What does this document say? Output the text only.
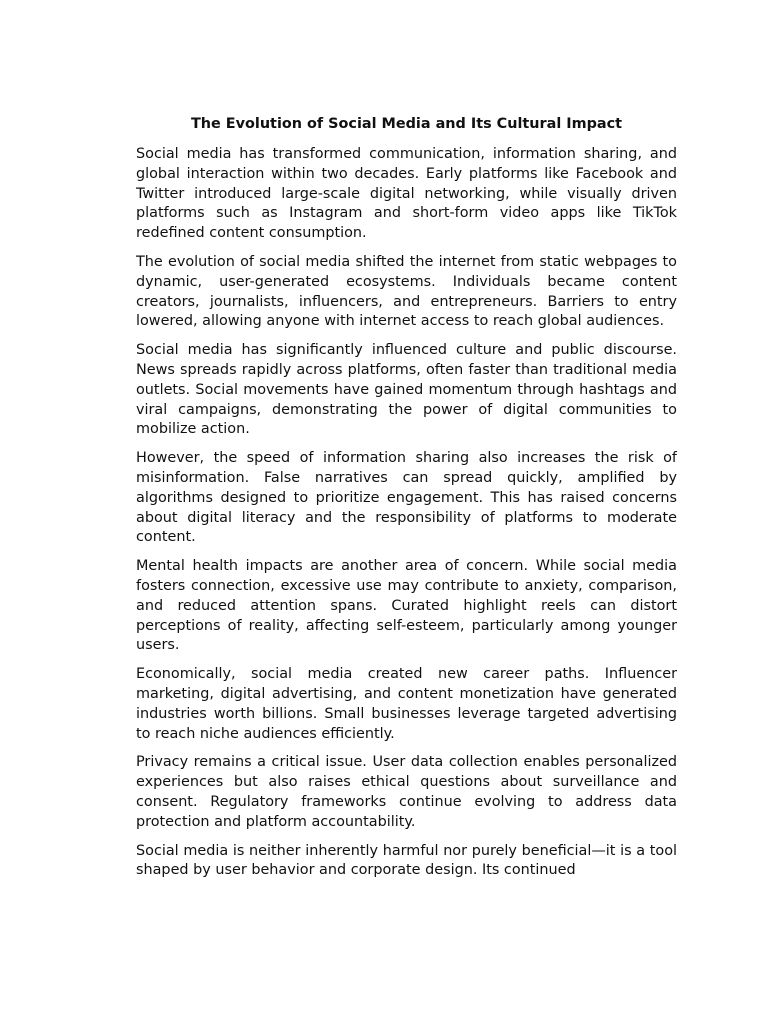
The Evolution of Social Media and Its Cultural Impact

Social media has transformed communication, information sharing, and global interaction within two decades. Early platforms like Facebook and Twitter introduced large-scale digital networking, while visually driven platforms such as Instagram and short-form video apps like TikTok redefined content consumption.

The evolution of social media shifted the internet from static webpages to dynamic, user-generated ecosystems. Individuals became content creators, journalists, influencers, and entrepreneurs. Barriers to entry lowered, allowing anyone with internet access to reach global audiences.

Social media has significantly influenced culture and public discourse. News spreads rapidly across platforms, often faster than traditional media outlets. Social movements have gained momentum through hashtags and viral campaigns, demonstrating the power of digital communities to mobilize action.

However, the speed of information sharing also increases the risk of misinformation. False narratives can spread quickly, amplified by algorithms designed to prioritize engagement. This has raised concerns about digital literacy and the responsibility of platforms to moderate content.

Mental health impacts are another area of concern. While social media fosters connection, excessive use may contribute to anxiety, comparison, and reduced attention spans. Curated highlight reels can distort perceptions of reality, affecting self-esteem, particularly among younger users.

Economically, social media created new career paths. Influencer marketing, digital advertising, and content monetization have generated industries worth billions. Small businesses leverage targeted advertising to reach niche audiences efficiently.

Privacy remains a critical issue. User data collection enables personalized experiences but also raises ethical questions about surveillance and consent. Regulatory frameworks continue evolving to address data protection and platform accountability.

Social media is neither inherently harmful nor purely beneficial—it is a tool shaped by user behavior and corporate design. Its continued
